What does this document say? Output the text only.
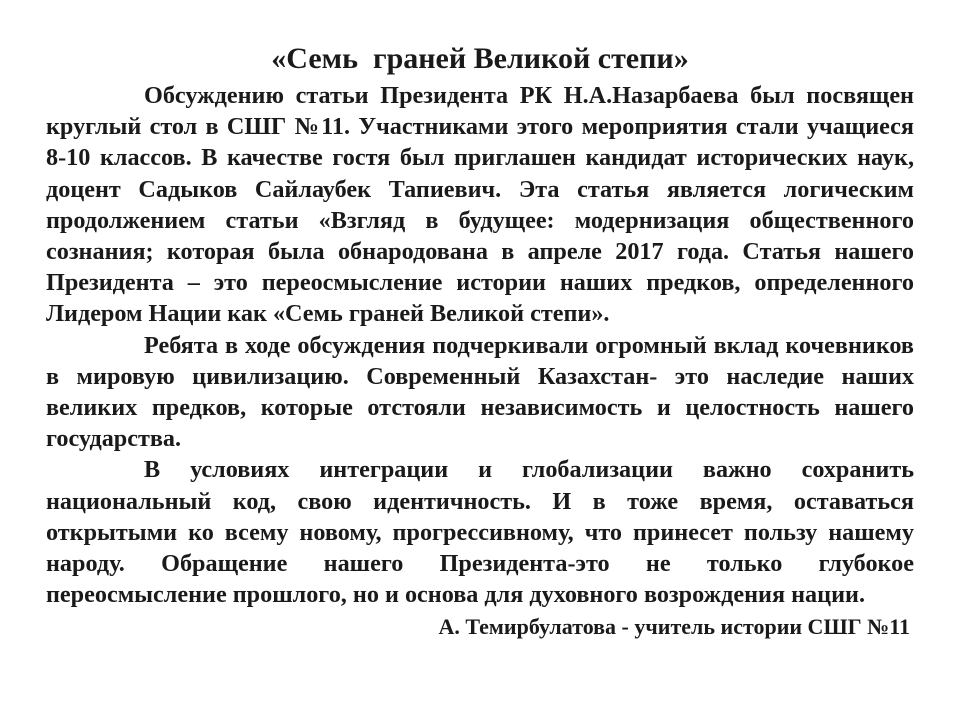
«Семь  граней Великой степи»

Обсуждению статьи Президента РК Н.А.Назарбаева был посвящен круглый стол в СШГ №11. Участниками этого мероприятия стали учащиеся 8-10 классов. В качестве гостя был приглашен кандидат исторических наук, доцент Садыков Сайлаубек Тапиевич. Эта статья является логическим продолжением статьи «Взгляд в будущее: модернизация общественного сознания; которая была обнародована в апреле 2017 года. Статья нашего Президента – это переосмысление истории наших предков, определенного Лидером Нации как «Семь граней Великой степи».

Ребята в ходе обсуждения подчеркивали огромный вклад кочевников в мировую цивилизацию. Современный Казахстан- это наследие наших великих предков, которые отстояли независимость и целостность нашего государства.

В условиях интеграции и глобализации важно сохранить национальный код, свою идентичность. И в тоже время, оставаться открытыми ко всему новому, прогрессивному, что принесет пользу нашему народу. Обращение нашего Президента-это не только глубокое переосмысление прошлого, но и основа для духовного возрождения нации.

А. Темирбулатова - учитель истории СШГ №11
